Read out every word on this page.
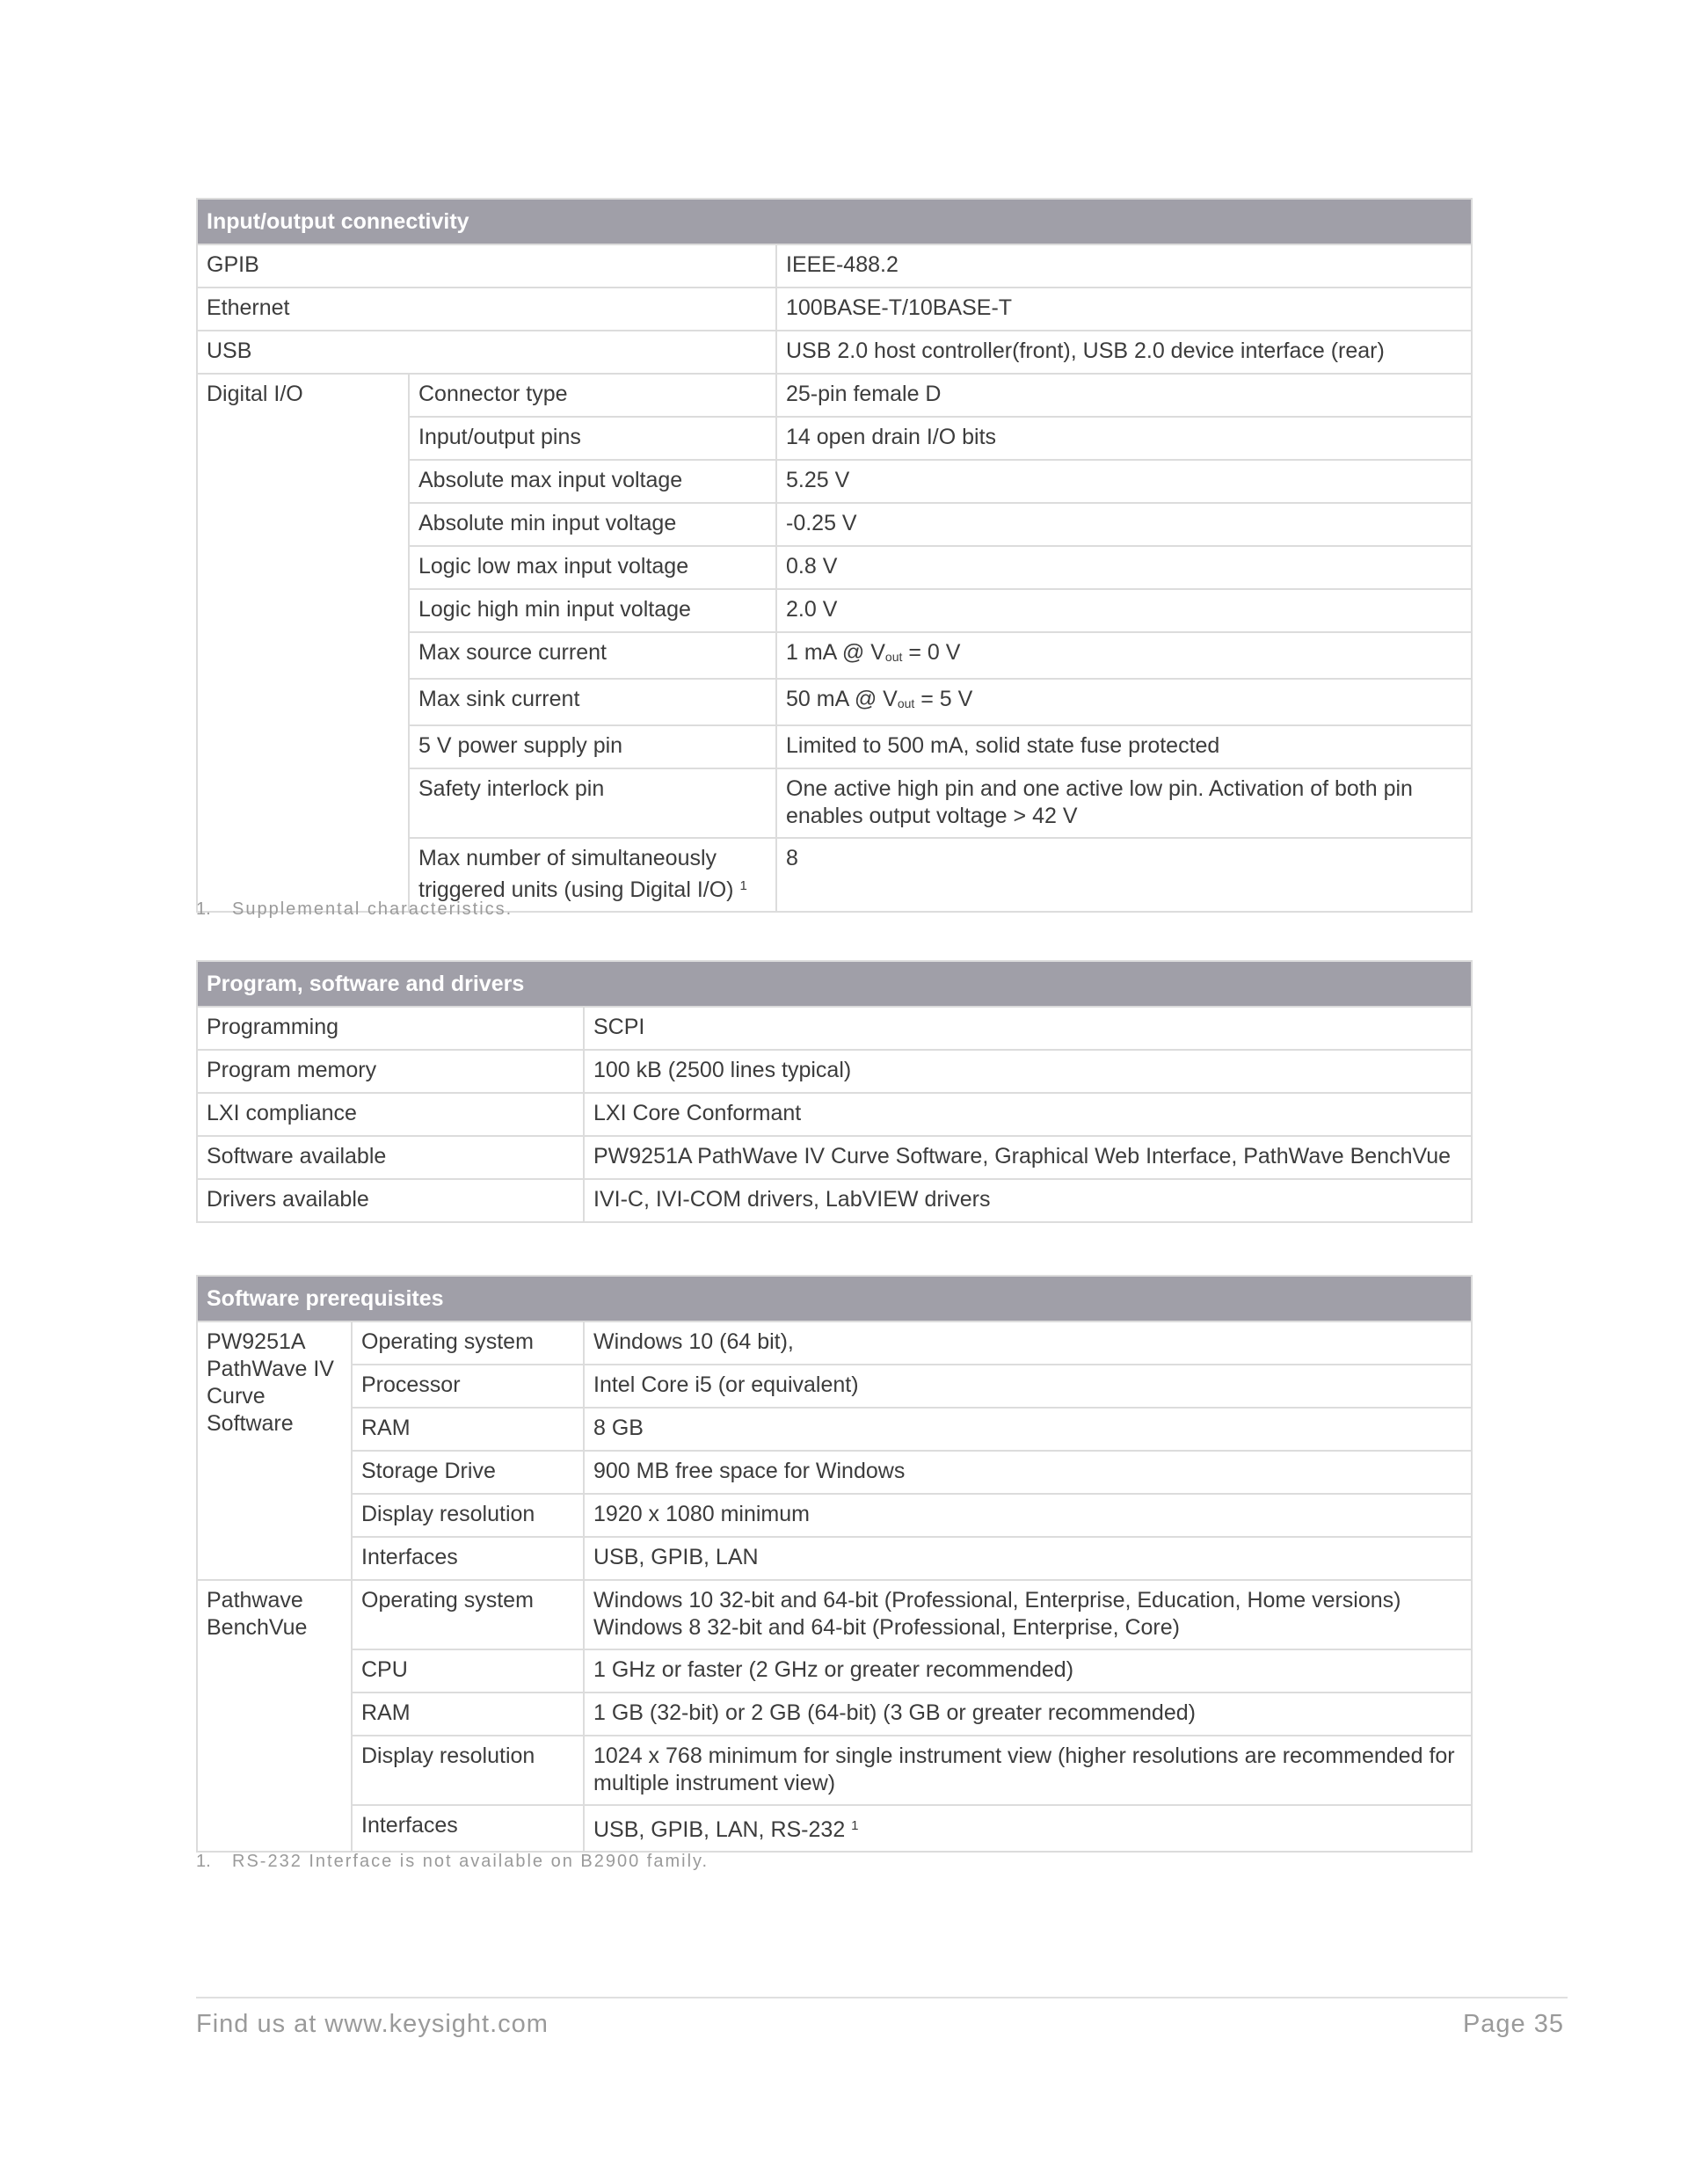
Input/output connectivity		
GPIB		IEEE-488.2
Ethernet		100BASE-T/10BASE-T
USB		USB 2.0 host controller(front), USB 2.0 device interface (rear)
Digital I/O	Connector type	25-pin female D
	Input/output pins	14 open drain I/O bits
	Absolute max input voltage	5.25 V
	Absolute min input voltage	-0.25 V
	Logic low max input voltage	0.8 V
	Logic high min input voltage	2.0 V
	Max source current	1 mA @ Vout = 0 V
	Max sink current	50 mA @ Vout = 5 V
	5 V power supply pin	Limited to 500 mA, solid state fuse protected
	Safety interlock pin	One active high pin and one active low pin. Activation of both pin enables output voltage > 42 V
	Max number of simultaneously triggered units (using Digital I/O) $^1$	8
1. Supplemental characteristics.
Program, software and drivers	
Programming	SCPI
Program memory	100 kB (2500 lines typical)
LXI compliance	LXI Core Conformant
Software available	PW9251A PathWave IV Curve Software, Graphical Web Interface, PathWave BenchVue
Drivers available	IVI-C, IVI-COM drivers, LabVIEW drivers
Software prerequisites		
PW9251A PathWave IV Curve Software	Operating system	Windows 10 (64 bit),
	Processor	Intel Core i5 (or equivalent)
	RAM	8 GB
	Storage Drive	900 MB free space for Windows
	Display resolution	1920 x 1080 minimum
	Interfaces	USB, GPIB, LAN
Pathwave BenchVue	Operating system	Windows 10 32-bit and 64-bit (Professional, Enterprise, Education, Home versions) Windows 8 32-bit and 64-bit (Professional, Enterprise, Core)
	CPU	1 GHz or faster (2 GHz or greater recommended)
	RAM	1 GB (32-bit) or 2 GB (64-bit) (3 GB or greater recommended)
	Display resolution	1024 x 768 minimum for single instrument view (higher resolutions are recommended for multiple instrument view)
	Interfaces	USB, GPIB, LAN, RS-232 $^1$
1. RS-232 Interface is not available on B2900 family.
Find us at www.keysight.com	Page 35
